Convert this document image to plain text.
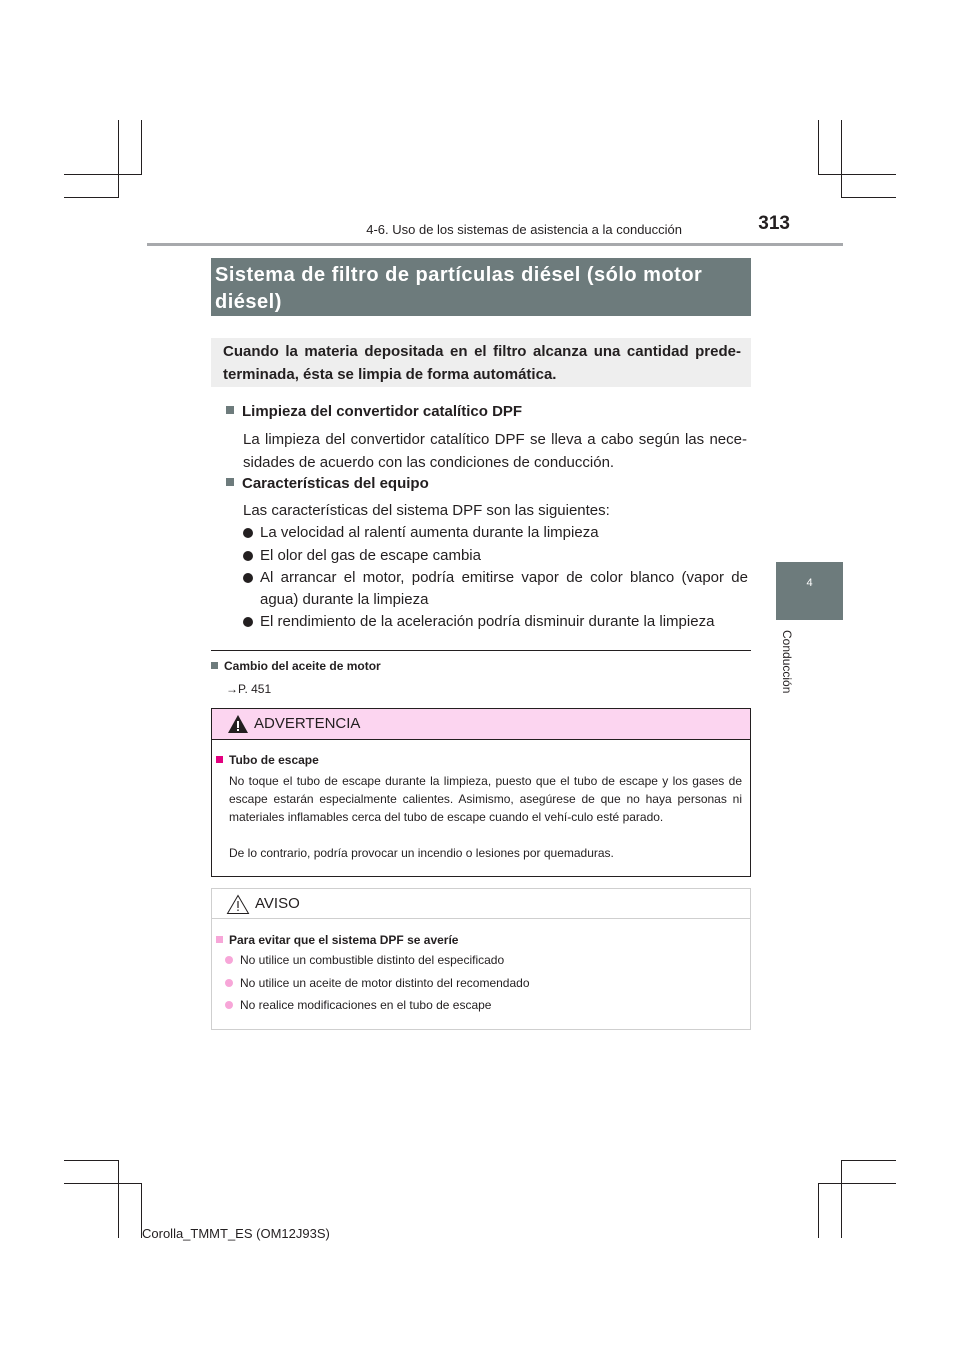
4-6. Uso de los sistemas de asistencia a la conducción	313
4
Conducción
Sistema de filtro de partículas diésel (sólo motor diésel)
Cuando la materia depositada en el filtro alcanza una cantidad prede-terminada, ésta se limpia de forma automática.
Limpieza del convertidor catalítico DPF
La limpieza del convertidor catalítico DPF se lleva a cabo según las nece-sidades de acuerdo con las condiciones de conducción.
Características del equipo
Las características del sistema DPF son las siguientes:
La velocidad al ralentí aumenta durante la limpieza
El olor del gas de escape cambia
Al arrancar el motor, podría emitirse vapor de color blanco (vapor de agua) durante la limpieza
El rendimiento de la aceleración podría disminuir durante la limpieza
Cambio del aceite de motor
→P. 451
ADVERTENCIA
Tubo de escape
No toque el tubo de escape durante la limpieza, puesto que el tubo de escape y los gases de escape estarán especialmente calientes. Asimismo, asegúrese de que no haya personas ni materiales inflamables cerca del tubo de escape cuando el vehí-culo esté parado.
De lo contrario, podría provocar un incendio o lesiones por quemaduras.
AVISO
Para evitar que el sistema DPF se averíe
No utilice un combustible distinto del especificado
No utilice un aceite de motor distinto del recomendado
No realice modificaciones en el tubo de escape
Corolla_TMMT_ES (OM12J93S)
